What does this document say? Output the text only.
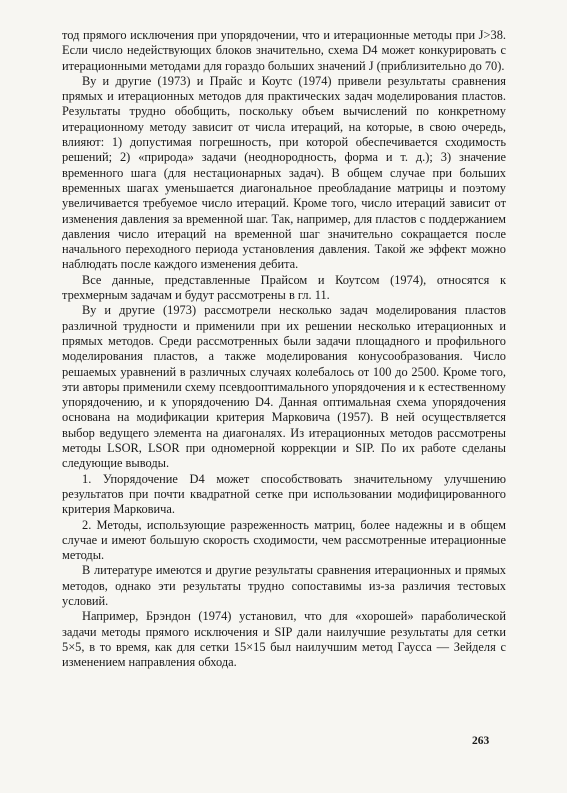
тод прямого исключения при упорядочении, что и итерационные методы при J>38. Если число недействующих блоков значительно, схема D4 может конкурировать с итерационными методами для гораздо больших значений J (приблизительно до 70).

Ву и другие (1973) и Прайс и Коутс (1974) привели результаты сравнения прямых и итерационных методов для практических задач моделирования пластов. Результаты трудно обобщить, поскольку объем вычислений по конкретному итерационному методу зависит от числа итераций, на которые, в свою очередь, влияют: 1) допустимая погрешность, при которой обеспечивается сходимость решений; 2) «природа» задачи (неоднородность, форма и т. д.); 3) значение временного шага (для нестационарных задач). В общем случае при больших временных шагах уменьшается диагональное преобладание матрицы и поэтому увеличивается требуемое число итераций. Кроме того, число итераций зависит от изменения давления за временной шаг. Так, например, для пластов с поддержанием давления число итераций на временной шаг значительно сокращается после начального переходного периода установления давления. Такой же эффект можно наблюдать после каждого изменения дебита.

Все данные, представленные Прайсом и Коутсом (1974), относятся к трехмерным задачам и будут рассмотрены в гл. 11.

Ву и другие (1973) рассмотрели несколько задач моделирования пластов различной трудности и применили при их решении несколько итерационных и прямых методов. Среди рассмотренных были задачи площадного и профильного моделирования пластов, а также моделирования конусообразования. Число решаемых уравнений в различных случаях колебалось от 100 до 2500. Кроме того, эти авторы применили схему псевдооптимального упорядочения и к естественному упорядочению, и к упорядочению D4. Данная оптимальная схема упорядочения основана на модификации критерия Марковича (1957). В ней осуществляется выбор ведущего элемента на диагоналях. Из итерационных методов рассмотрены методы LSOR, LSOR при одномерной коррекции и SIP. По их работе сделаны следующие выводы.

1. Упорядочение D4 может способствовать значительному улучшению результатов при почти квадратной сетке при использовании модифицированного критерия Марковича.

2. Методы, использующие разреженность матриц, более надежны и в общем случае и имеют большую скорость сходимости, чем рассмотренные итерационные методы.

В литературе имеются и другие результаты сравнения итерационных и прямых методов, однако эти результаты трудно сопоставимы из-за различия тестовых условий.

Например, Брэндон (1974) установил, что для «хорошей» параболической задачи методы прямого исключения и SIP дали наилучшие результаты для сетки 5×5, в то время, как для сетки 15×15 был наилучшим метод Гаусса — Зейделя с изменением направления обхода.

263
